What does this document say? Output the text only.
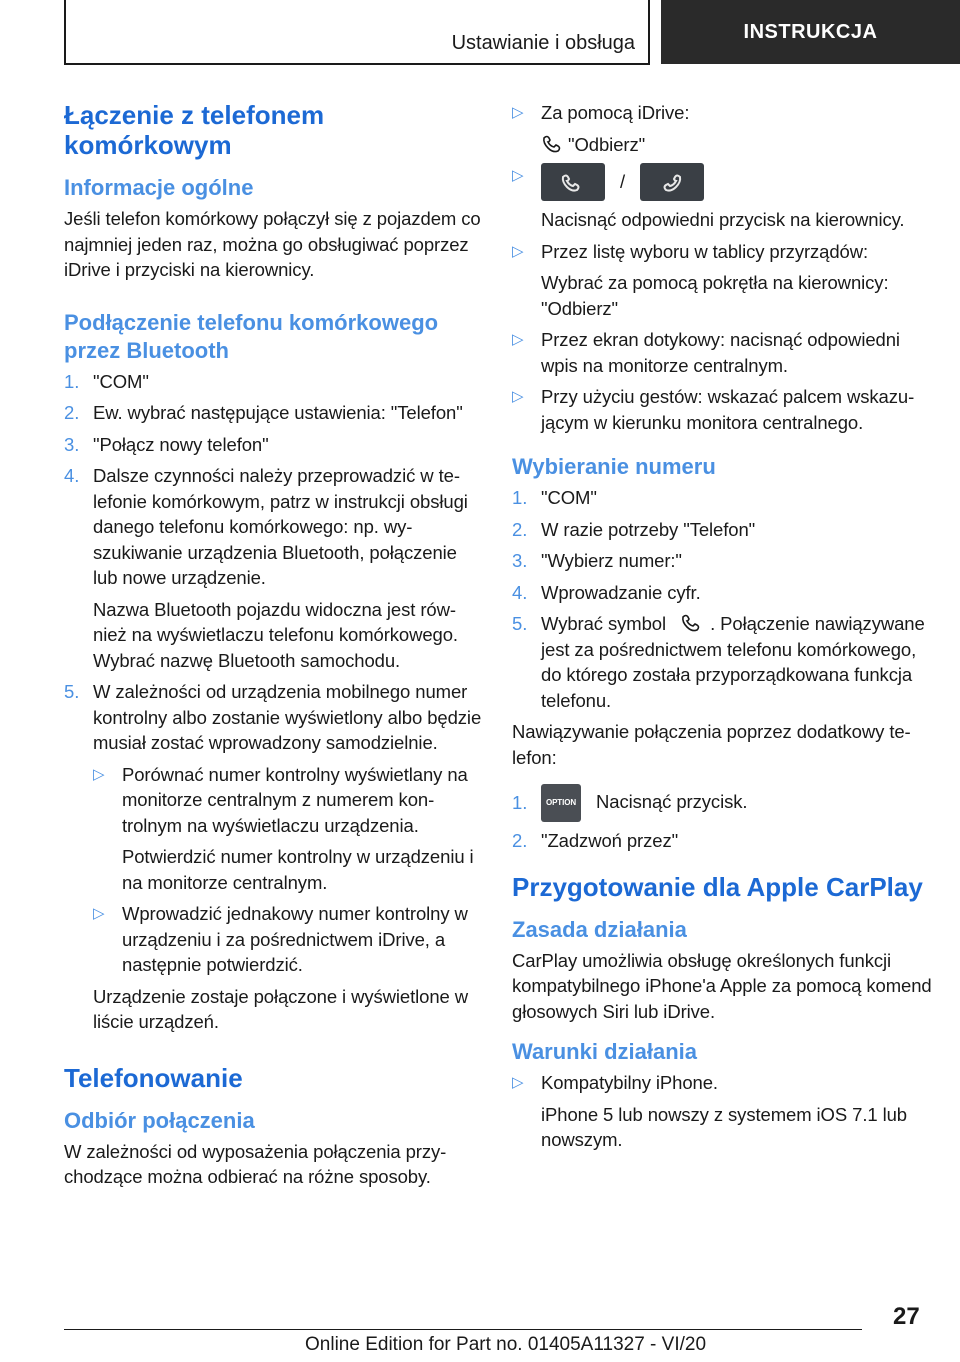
Ustawianie i obsługa
INSTRUKCJA
Łączenie z telefonem komórkowym
Informacje ogólne
Jeśli telefon komórkowy połączył się z pojazdem co najmniej jeden raz, można go obsługiwać poprzez iDrive i przyciski na kierownicy.
Podłączenie telefonu komórkowego przez Bluetooth
1. "COM"
2. Ew. wybrać następujące ustawienia: "Telefon"
3. "Połącz nowy telefon"
4. Dalsze czynności należy przeprowadzić w telefonie komórkowym, patrz w instrukcji obsługi danego telefonu komórkowego: np. wyszukiwanie urządzenia Bluetooth, połączenie lub nowe urządzenie.
Nazwa Bluetooth pojazdu widoczna jest również na wyświetlaczu telefonu komórkowego. Wybrać nazwę Bluetooth samochodu.
5. W zależności od urządzenia mobilnego numer kontrolny albo zostanie wyświetlony albo będzie musiał zostać wprowadzony samodzielnie.
▷ Porównać numer kontrolny wyświetlany na monitorze centralnym z numerem kontrolnym na wyświetlaczu urządzenia.
Potwierdzić numer kontrolny w urządzeniu i na monitorze centralnym.
▷ Wprowadzić jednakowy numer kontrolny w urządzeniu i za pośrednictwem iDrive, a następnie potwierdzić.
Urządzenie zostaje połączone i wyświetlone w liście urządzeń.
Telefonowanie
Odbiór połączenia
W zależności od wyposażenia połączenia przychodzące można odbierać na różne sposoby.
▷ Za pomocą iDrive:
"Odbierz"
▷	/
Nacisnąć odpowiedni przycisk na kierownicy.
▷ Przez listę wyboru w tablicy przyrządów:
Wybrać za pomocą pokrętła na kierownicy: "Odbierz"
▷ Przez ekran dotykowy: nacisnąć odpowiedni wpis na monitorze centralnym.
▷ Przy użyciu gestów: wskazać palcem wskazującym w kierunku monitora centralnego.
Wybieranie numeru
1. "COM"
2. W razie potrzeby "Telefon"
3. "Wybierz numer:"
4. Wprowadzanie cyfr.
5. Wybrać symbol . Połączenie nawiązywane jest za pośrednictwem telefonu komórkowego, do którego została przyporządkowana funkcja telefonu.
Nawiązywanie połączenia poprzez dodatkowy telefon:
1.	OPTION Nacisnąć przycisk.
2. "Zadzwoń przez"
Przygotowanie dla Apple CarPlay
Zasada działania
CarPlay umożliwia obsługę określonych funkcji kompatybilnego iPhone'a Apple za pomocą komend głosowych Siri lub iDrive.
Warunki działania
▷ Kompatybilny iPhone.
iPhone 5 lub nowszy z systemem iOS 7.1 lub nowszym.
27
Online Edition for Part no. 01405A11327 - VI/20
